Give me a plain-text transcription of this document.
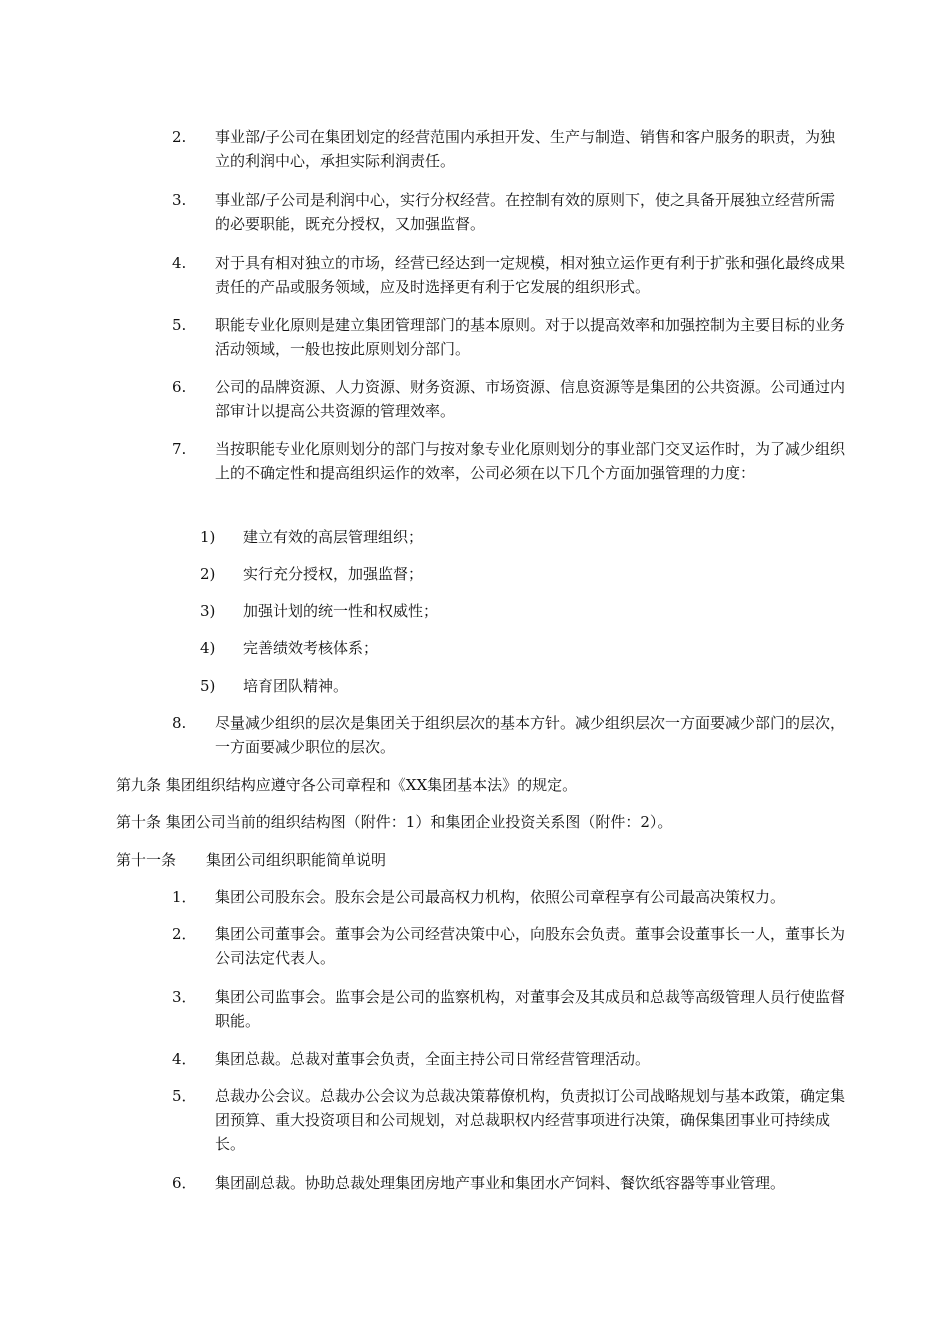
2.	事业部/子公司在集团划定的经营范围内承担开发、生产与制造、销售和客户服务的职责，为独立的利润中心，承担实际利润责任。
3.	事业部/子公司是利润中心，实行分权经营。在控制有效的原则下，使之具备开展独立经营所需的必要职能，既充分授权，又加强监督。
4.	对于具有相对独立的市场，经营已经达到一定规模，相对独立运作更有利于扩张和强化最终成果责任的产品或服务领域，应及时选择更有利于它发展的组织形式。
5.	职能专业化原则是建立集团管理部门的基本原则。对于以提高效率和加强控制为主要目标的业务活动领域，一般也按此原则划分部门。
6.	公司的品牌资源、人力资源、财务资源、市场资源、信息资源等是集团的公共资源。公司通过内部审计以提高公共资源的管理效率。
7.	当按职能专业化原则划分的部门与按对象专业化原则划分的事业部门交叉运作时，为了减少组织上的不确定性和提高组织运作的效率，公司必须在以下几个方面加强管理的力度：
1)	建立有效的高层管理组织；
2)	实行充分授权，加强监督；
3)	加强计划的统一性和权威性；
4)	完善绩效考核体系；
5)	培育团队精神。
8.	尽量减少组织的层次是集团关于组织层次的基本方针。减少组织层次一方面要减少部门的层次，一方面要减少职位的层次。
第九条 集团组织结构应遵守各公司章程和《XX集团基本法》的规定。
第十条 集团公司当前的组织结构图（附件：1）和集团企业投资关系图（附件：2）。
第十一条 集团公司组织职能简单说明
1．	集团公司股东会。股东会是公司最高权力机构，依照公司章程享有公司最高决策权力。
2．	集团公司董事会。董事会为公司经营决策中心，向股东会负责。董事会设董事长一人，董事长为公司法定代表人。
3．	集团公司监事会。监事会是公司的监察机构，对董事会及其成员和总裁等高级管理人员行使监督职能。
4．	集团总裁。总裁对董事会负责，全面主持公司日常经营管理活动。
5．	总裁办公会议。总裁办公会议为总裁决策幕僚机构，负责拟订公司战略规划与基本政策，确定集团预算、重大投资项目和公司规划，对总裁职权内经营事项进行决策，确保集团事业可持续成长。
6．	集团副总裁。协助总裁处理集团房地产事业和集团水产饲料、餐饮纸容器等事业管理。
